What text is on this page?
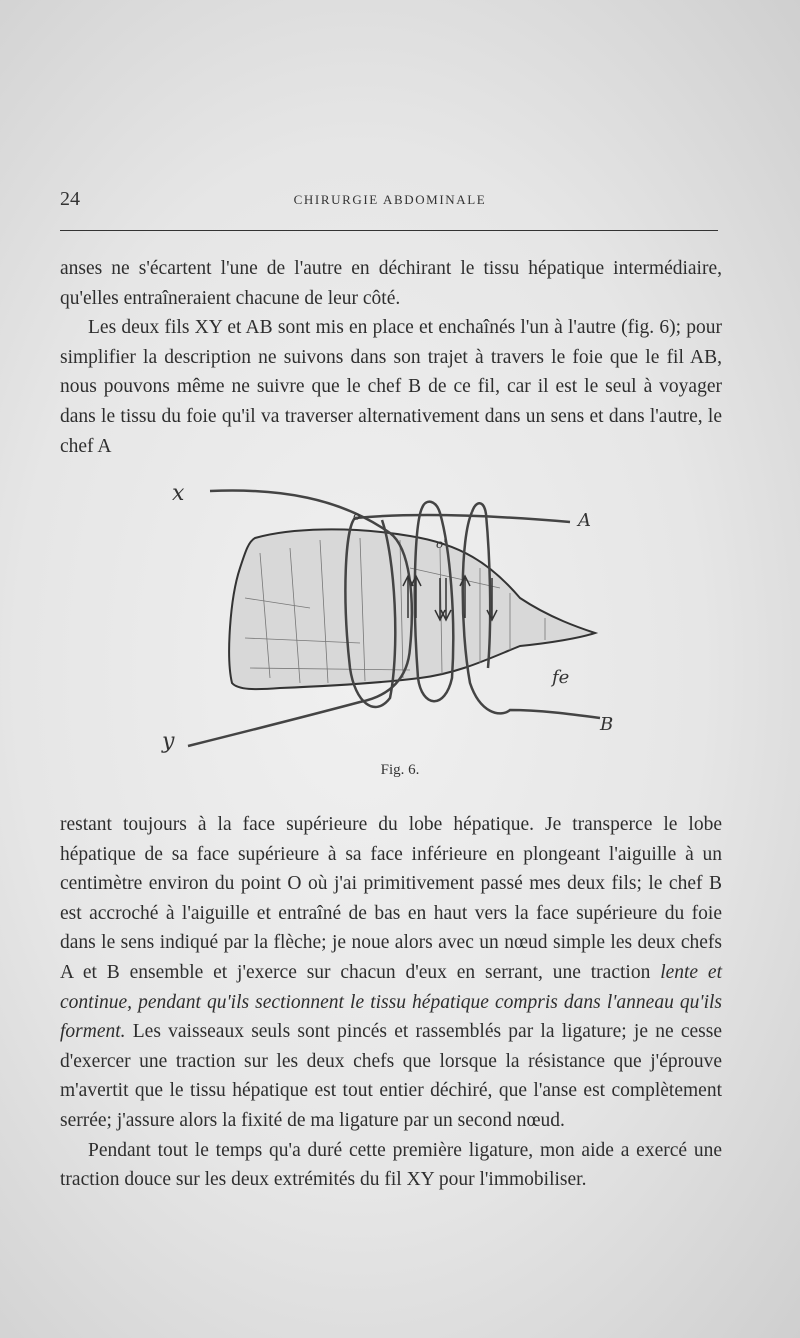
24	CHIRURGIE ABDOMINALE

anses ne s'écartent l'une de l'autre en déchirant le tissu hépatique intermédiaire, qu'elles entraîneraient chacune de leur côté.

Les deux fils XY et AB sont mis en place et enchaînés l'un à l'autre (fig. 6); pour simplifier la description ne suivons dans son trajet à travers le foie que le fil AB, nous pouvons même ne suivre que le chef B de ce fil, car il est le seul à voyager dans le tissu du foie qu'il va traverser alternativement dans un sens et dans l'autre, le chef A

x
A
y
B
o
o'
fe
Fig. 6.

restant toujours à la face supérieure du lobe hépatique. Je transperce le lobe hépatique de sa face supérieure à sa face inférieure en plongeant l'aiguille à un centimètre environ du point O où j'ai primitivement passé mes deux fils; le chef B est accroché à l'aiguille et entraîné de bas en haut vers la face supérieure du foie dans le sens indiqué par la flèche; je noue alors avec un nœud simple les deux chefs A et B ensemble et j'exerce sur chacun d'eux en serrant, une traction lente et continue, pendant qu'ils sectionnent le tissu hépatique compris dans l'anneau qu'ils forment. Les vaisseaux seuls sont pincés et rassemblés par la ligature; je ne cesse d'exercer une traction sur les deux chefs que lorsque la résistance que j'éprouve m'avertit que le tissu hépatique est tout entier déchiré, que l'anse est complètement serrée; j'assure alors la fixité de ma ligature par un second nœud.

Pendant tout le temps qu'a duré cette première ligature, mon aide a exercé une traction douce sur les deux extrémités du fil XY pour l'immobiliser.
